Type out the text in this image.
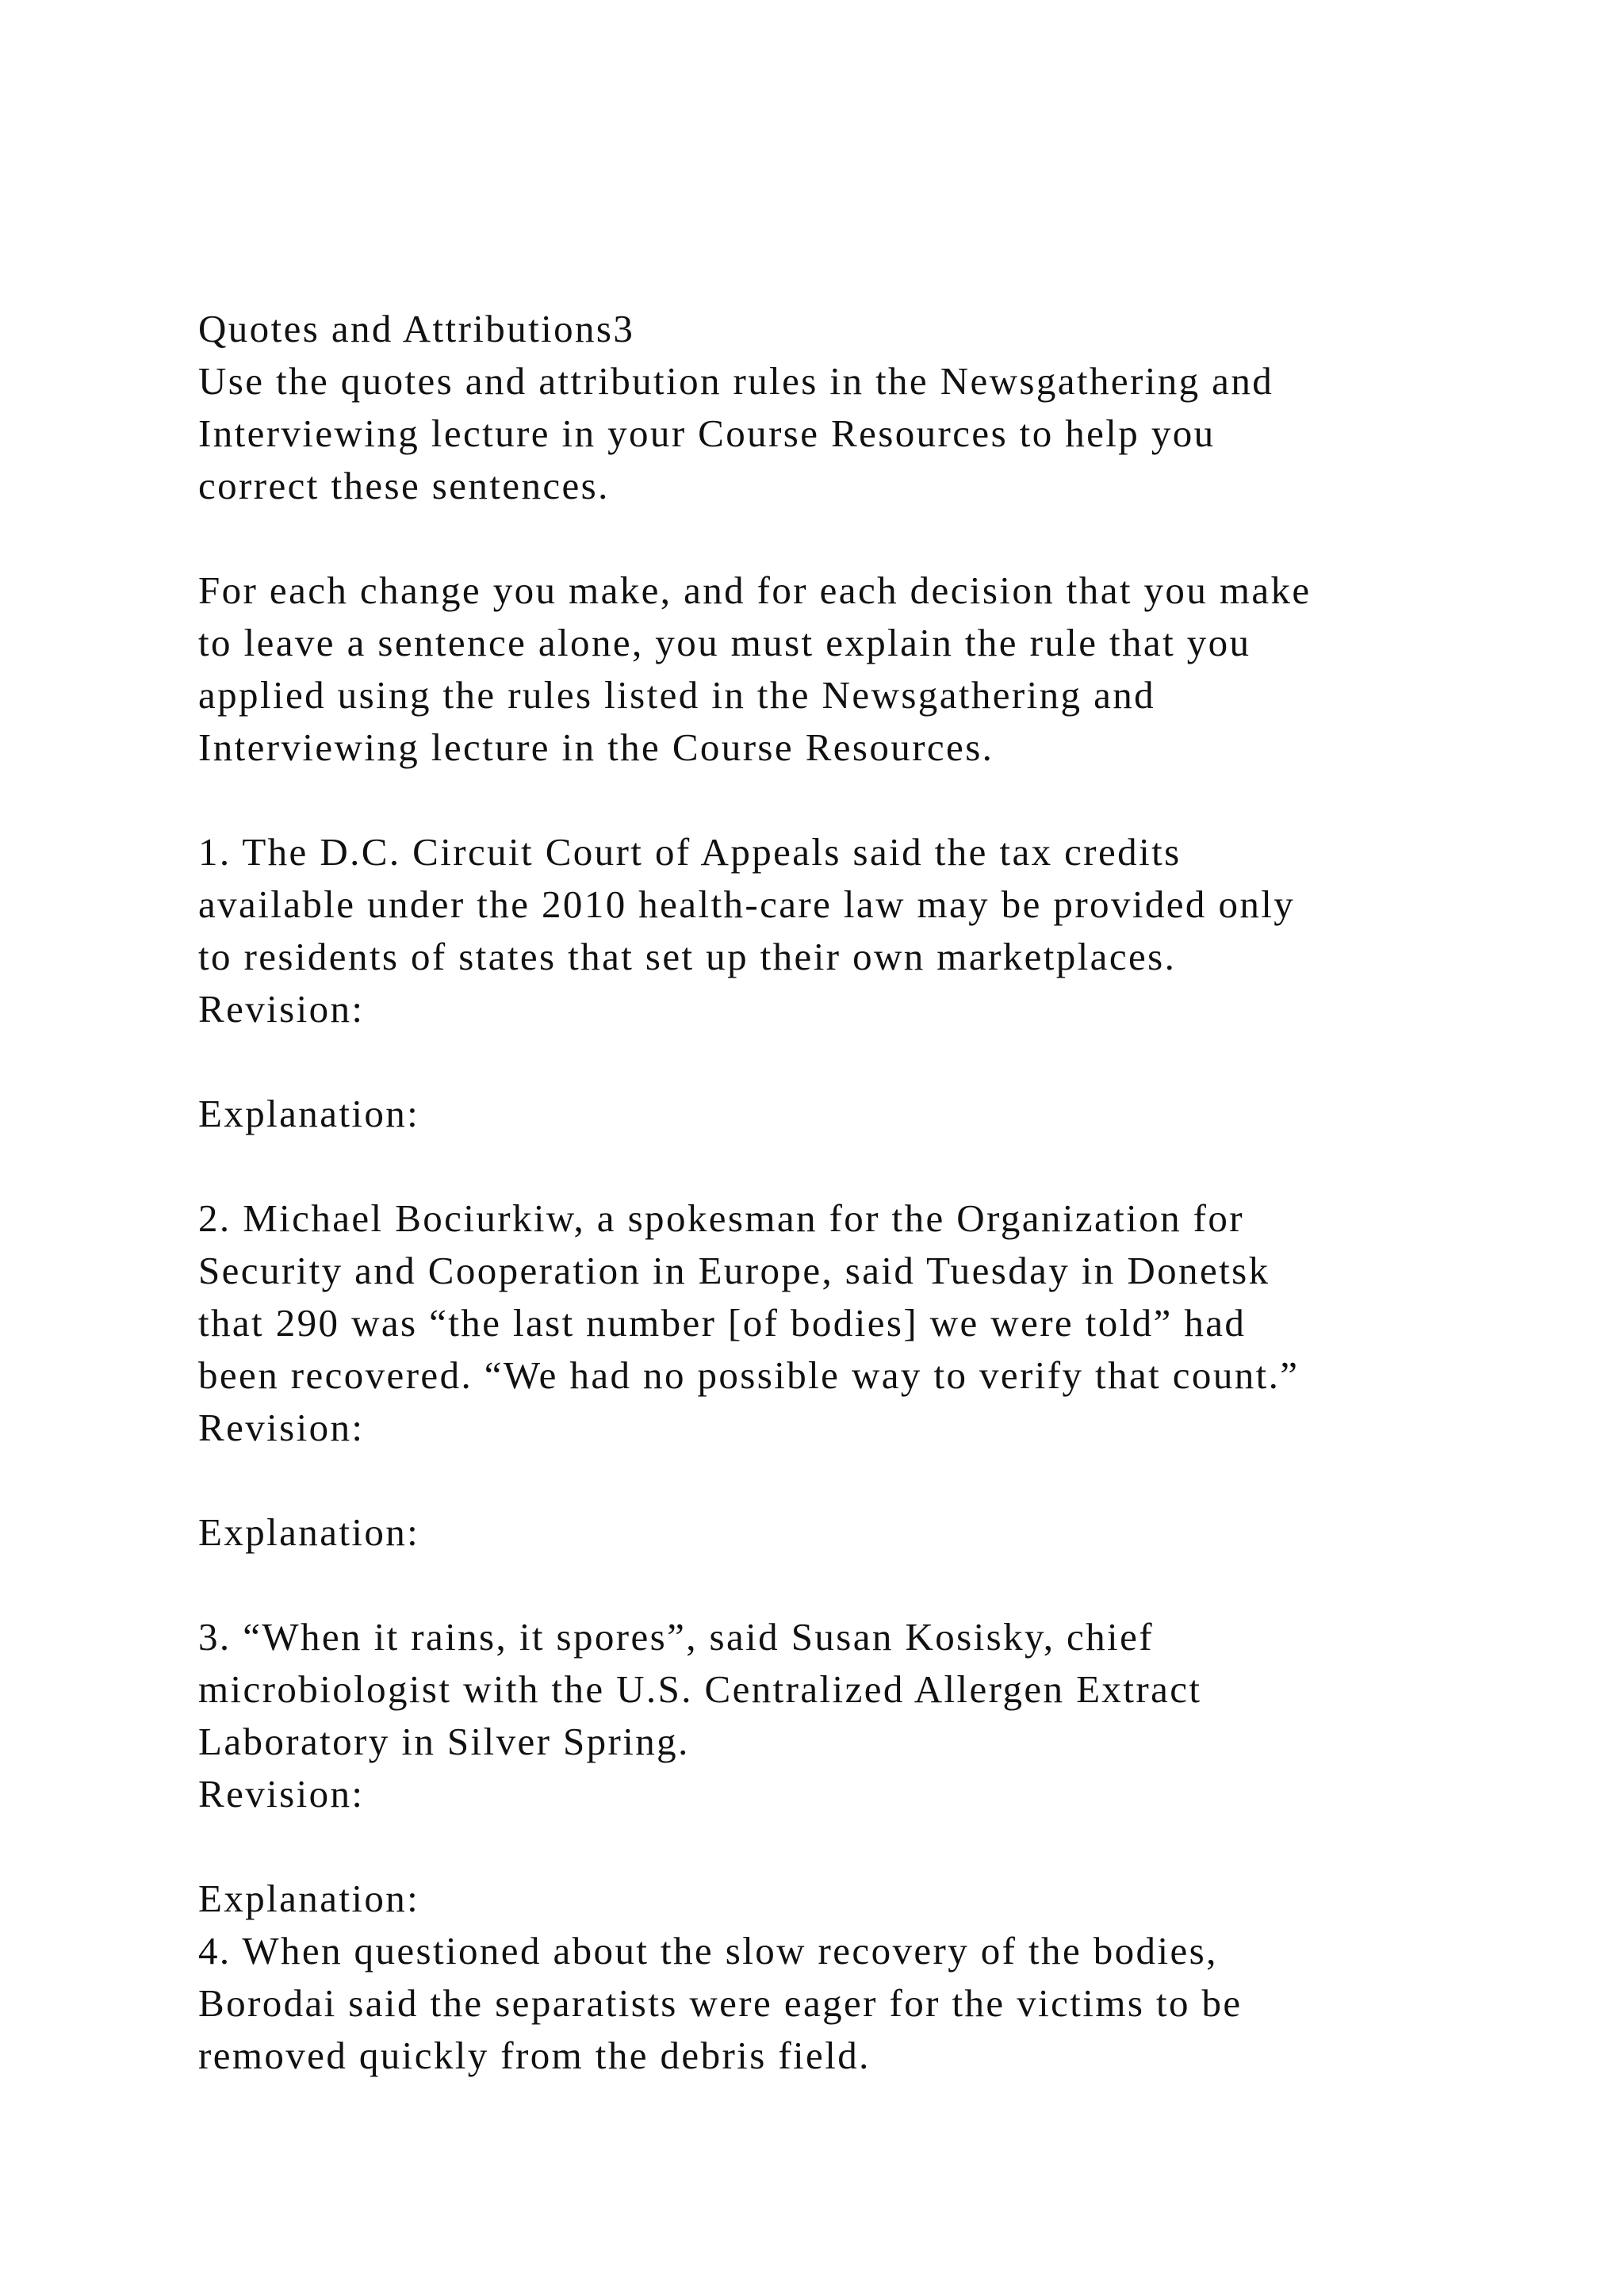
Quotes and Attributions3
Use the quotes and attribution rules in the Newsgathering and
Interviewing lecture in your Course Resources to help you
correct these sentences.
For each change you make, and for each decision that you make
to leave a sentence alone, you must explain the rule that you
applied using the rules listed in the Newsgathering and
Interviewing lecture in the Course Resources.
1. The D.C. Circuit Court of Appeals said the tax credits
available under the 2010 health-care law may be provided only
to residents of states that set up their own marketplaces.
Revision:
Explanation:
2. Michael Bociurkiw, a spokesman for the Organization for
Security and Cooperation in Europe, said Tuesday in Donetsk
that 290 was “the last number [of bodies] we were told” had
been recovered. “We had no possible way to verify that count.”
Revision:
Explanation:
3. “When it rains, it spores”, said Susan Kosisky, chief
microbiologist with the U.S. Centralized Allergen Extract
Laboratory in Silver Spring.
Revision:
Explanation:
4. When questioned about the slow recovery of the bodies,
Borodai said the separatists were eager for the victims to be
removed quickly from the debris field.
